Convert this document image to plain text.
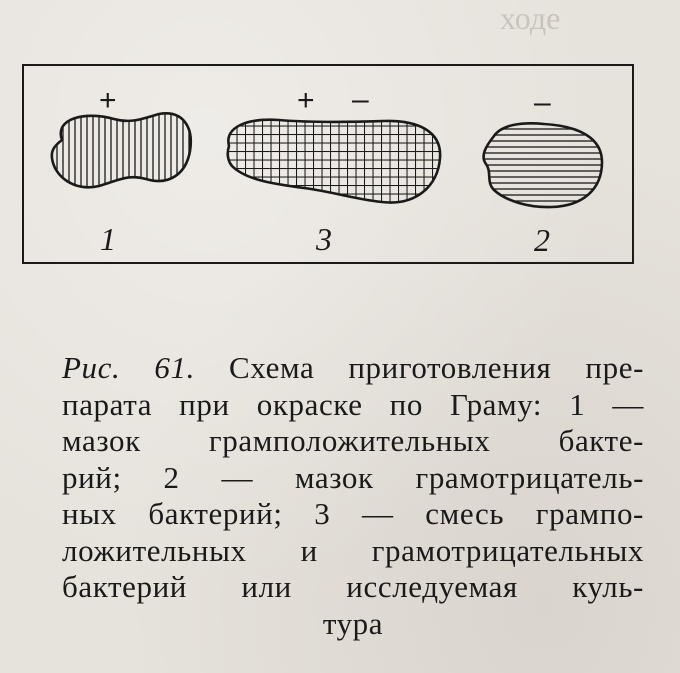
ходе
+	+ –	–
1	3	2
Рис. 61. Схема приготовления пре-
парата при окраске по Граму: 1 —
мазок грамположительных бакте-
рий; 2 — мазок грамотрицатель-
ных бактерий; 3 — смесь грампо-
ложительных и грамотрицательных
бактерий или исследуемая куль-
тура
